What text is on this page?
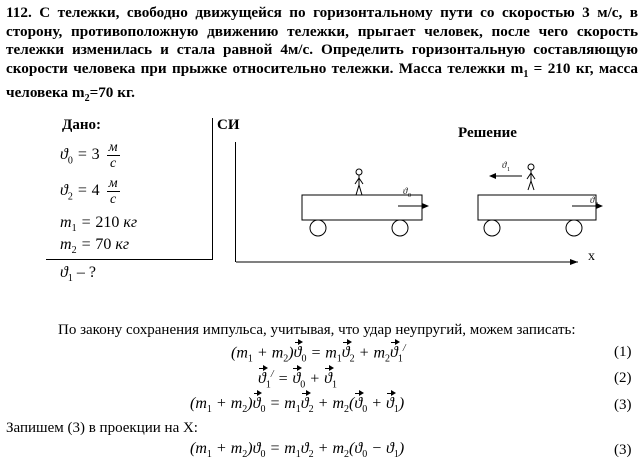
112. С тележки, свободно движущейся по горизонтальному пути со скоростью 3 м/с, в сторону, противоположную движению тележки, прыгает человек, после чего скорость тележки изменилась и стала равной 4м/с. Определить горизонтальную составляющую скорости человека при прыжке относительно тележки. Масса тележки $m_1 = 210$ кг, масса человека $m_2=70$ кг.
Дано:
$ϑ_0 = 3 \frac{м}{с}$
$ϑ_2 = 4 \frac{м}{с}$
$m_1 = 210$ кг
$m_2 = 70$ кг
$ϑ_1$ – ?
СИ	Решение
ϑ 0
ϑ 1
ϑ 2
x
По закону сохранения импульса, учитывая, что удар неупругий, можем записать:
$(m_1 + m_2)ϑ_0 = m_1ϑ_2 + m_2ϑ_1^/$	(1)
$ϑ_1^/ = ϑ_0 + ϑ_1$	(2)
$(m_1 + m_2)ϑ_0 = m_1ϑ_2 + m_2(ϑ_0 + ϑ_1)$	(3)
Запишем (3) в проекции на X:
$(m_1 + m_2)ϑ_0 = m_1ϑ_2 + m_2(ϑ_0 - ϑ_1)$	(3)
